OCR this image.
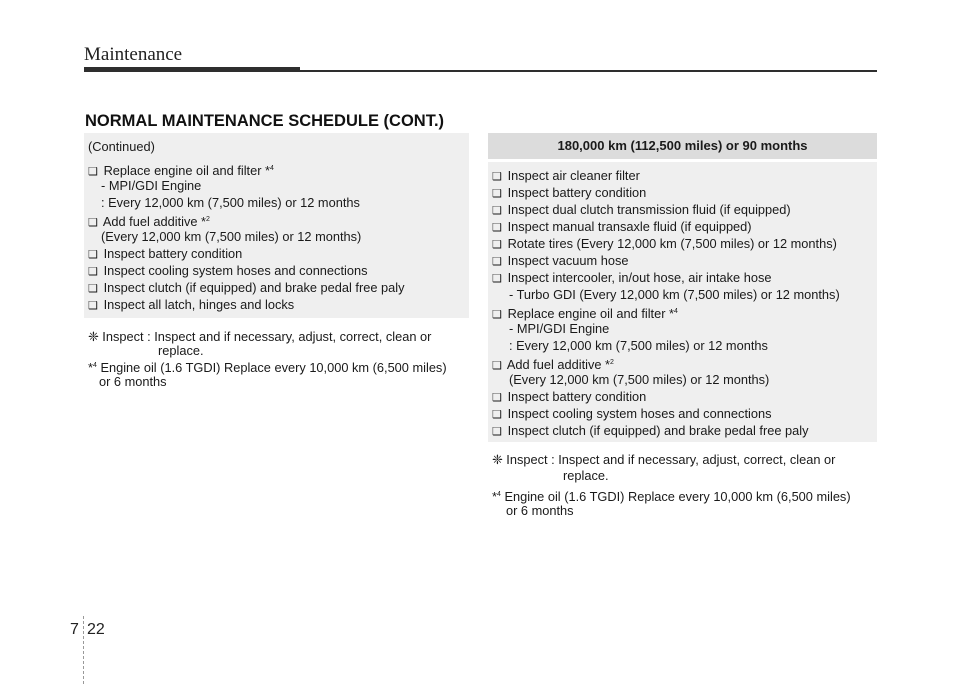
Maintenance
NORMAL MAINTENANCE SCHEDULE (CONT.)
(Continued)
❑ Replace engine oil and filter *$^4$
- MPI/GDI Engine
: Every 12,000 km (7,500 miles) or 12 months
❑ Add fuel additive *$^2$
(Every 12,000 km (7,500 miles) or 12 months)
❑ Inspect battery condition
❑ Inspect cooling system hoses and connections
❑ Inspect clutch (if equipped) and brake pedal free paly
❑ Inspect all latch, hinges and locks
❈ Inspect : Inspect and if necessary, adjust, correct, clean or
replace.
*$^4$ Engine oil (1.6 TGDI) Replace every 10,000 km (6,500 miles)
or 6 months
180,000 km (112,500 miles) or 90 months
❑ Inspect air cleaner filter
❑ Inspect battery condition
❑ Inspect dual clutch transmission fluid (if equipped)
❑ Inspect manual transaxle fluid (if equipped)
❑ Rotate tires (Every 12,000 km (7,500 miles) or 12 months)
❑ Inspect vacuum hose
❑ Inspect intercooler, in/out hose, air intake hose
- Turbo GDI (Every 12,000 km (7,500 miles) or 12 months)
❑ Replace engine oil and filter *$^4$
- MPI/GDI Engine
: Every 12,000 km (7,500 miles) or 12 months
❑ Add fuel additive *$^2$
(Every 12,000 km (7,500 miles) or 12 months)
❑ Inspect battery condition
❑ Inspect cooling system hoses and connections
❑ Inspect clutch (if equipped) and brake pedal free paly
❈ Inspect : Inspect and if necessary, adjust, correct, clean or
replace.
*$^4$ Engine oil (1.6 TGDI) Replace every 10,000 km (6,500 miles)
or 6 months
7 22
